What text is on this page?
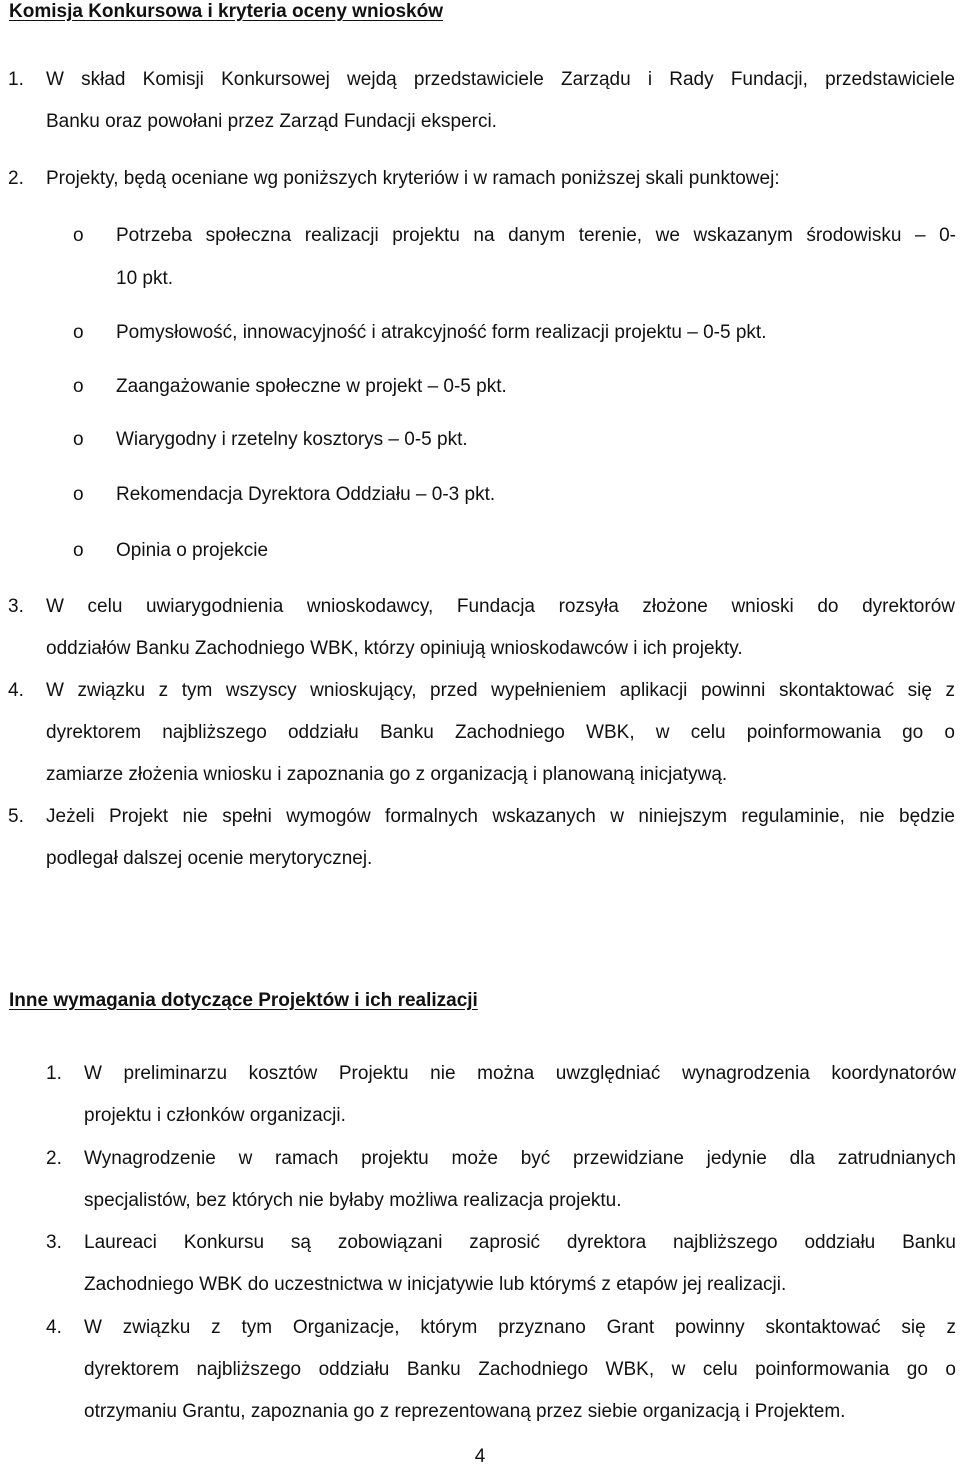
Komisja Konkursowa i kryteria oceny wniosków
1. W skład Komisji Konkursowej wejdą przedstawiciele Zarządu i Rady Fundacji, przedstawiciele
Banku oraz powołani przez Zarząd Fundacji eksperci.
2. Projekty, będą oceniane wg poniższych kryteriów i w ramach poniższej skali punktowej:
o Potrzeba społeczna realizacji projektu na danym terenie, we wskazanym środowisku – 0-
10 pkt.
o Pomysłowość, innowacyjność i atrakcyjność form realizacji projektu – 0-5 pkt.
o Zaangażowanie społeczne w projekt – 0-5 pkt.
o Wiarygodny i rzetelny kosztorys – 0-5 pkt.
o Rekomendacja Dyrektora Oddziału – 0-3 pkt.
o Opinia o projekcie
3. W celu uwiarygodnienia wnioskodawcy, Fundacja rozsyła złożone wnioski do dyrektorów
oddziałów Banku Zachodniego WBK, którzy opiniują wnioskodawców i ich projekty.
4. W związku z tym wszyscy wnioskujący, przed wypełnieniem aplikacji powinni skontaktować się z
dyrektorem najbliższego oddziału Banku Zachodniego WBK, w celu poinformowania go o
zamiarze złożenia wniosku i zapoznania go z organizacją i planowaną inicjatywą.
5. Jeżeli Projekt nie spełni wymogów formalnych wskazanych w niniejszym regulaminie, nie będzie
podlegał dalszej ocenie merytorycznej.
Inne wymagania dotyczące Projektów i ich realizacji
1. W preliminarzu kosztów Projektu nie można uwzględniać wynagrodzenia koordynatorów
projektu i członków organizacji.
2. Wynagrodzenie w ramach projektu może być przewidziane jedynie dla zatrudnianych
specjalistów, bez których nie byłaby możliwa realizacja projektu.
3. Laureaci Konkursu są zobowiązani zaprosić dyrektora najbliższego oddziału Banku
Zachodniego WBK do uczestnictwa w inicjatywie lub którymś z etapów jej realizacji.
4. W związku z tym Organizacje, którym przyznano Grant powinny skontaktować się z
dyrektorem najbliższego oddziału Banku Zachodniego WBK, w celu poinformowania go o
otrzymaniu Grantu, zapoznania go z reprezentowaną przez siebie organizacją i Projektem.
4
